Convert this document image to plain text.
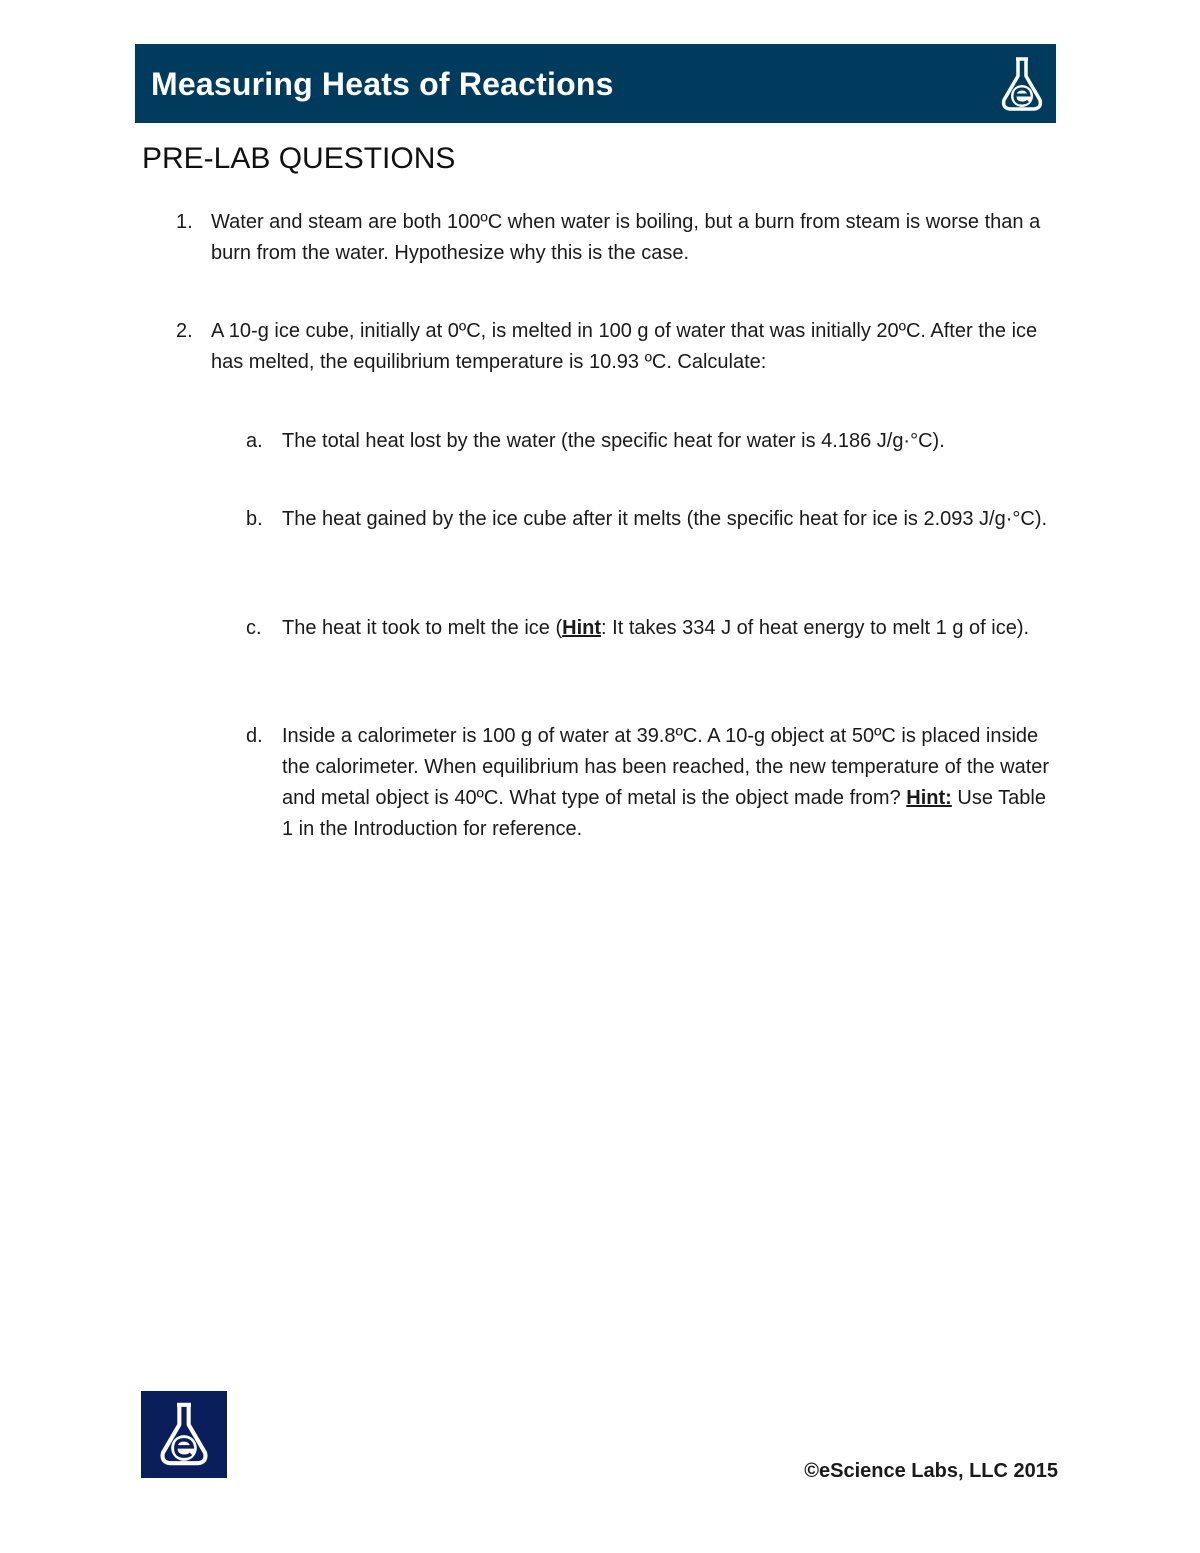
Measuring Heats of Reactions
PRE-LAB QUESTIONS
1. Water and steam are both 100ºC when water is boiling, but a burn from steam is worse than a burn from the water. Hypothesize why this is the case.
2. A 10-g ice cube, initially at 0ºC, is melted in 100 g of water that was initially 20ºC. After the ice has melted, the equilibrium temperature is 10.93 ºC. Calculate:
a. The total heat lost by the water (the specific heat for water is 4.186 J/g·°C).
b. The heat gained by the ice cube after it melts (the specific heat for ice is 2.093 J/g·°C).
c. The heat it took to melt the ice (Hint: It takes 334 J of heat energy to melt 1 g of ice).
d. Inside a calorimeter is 100 g of water at 39.8ºC. A 10-g object at 50ºC is placed inside the calorimeter. When equilibrium has been reached, the new temperature of the water and metal object is 40ºC. What type of metal is the object made from? Hint: Use Table 1 in the Introduction for reference.
©eScience Labs, LLC 2015
